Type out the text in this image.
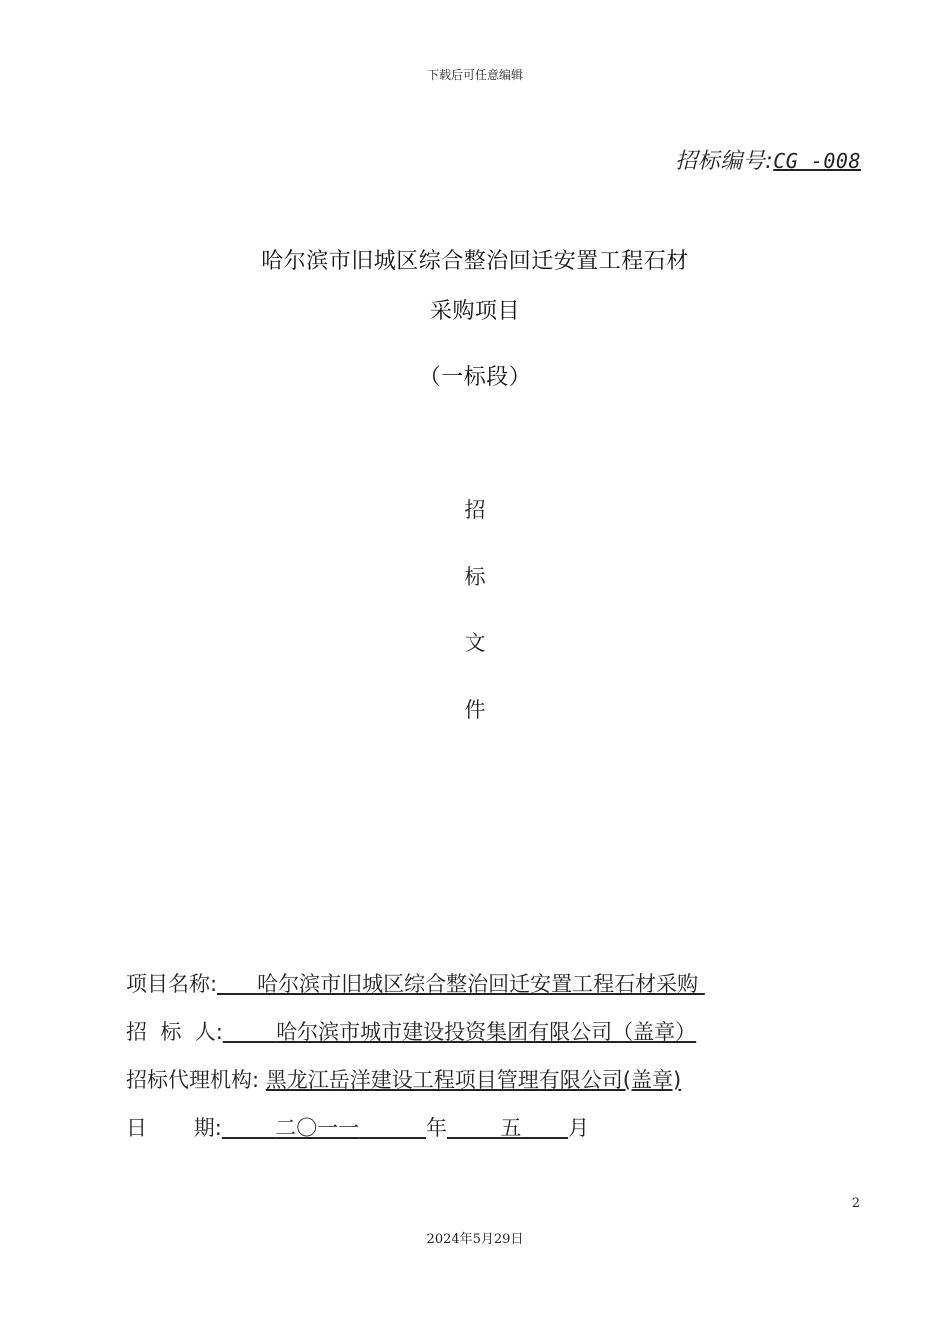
下载后可任意编辑
招标编号:CG -008
哈尔滨市旧城区综合整治回迁安置工程石材
采购项目
（一标段）
招
标
文
件
项目名称: 哈尔滨市旧城区综合整治回迁安置工程石材采购
招  标  人:	哈尔滨市城市建设投资集团有限公司（盖章）
招标代理机构: 黑龙江岳洋建设工程项目管理有限公司(盖章)
日       期:	二〇一一	年	五 月
2
2024年5月29日
